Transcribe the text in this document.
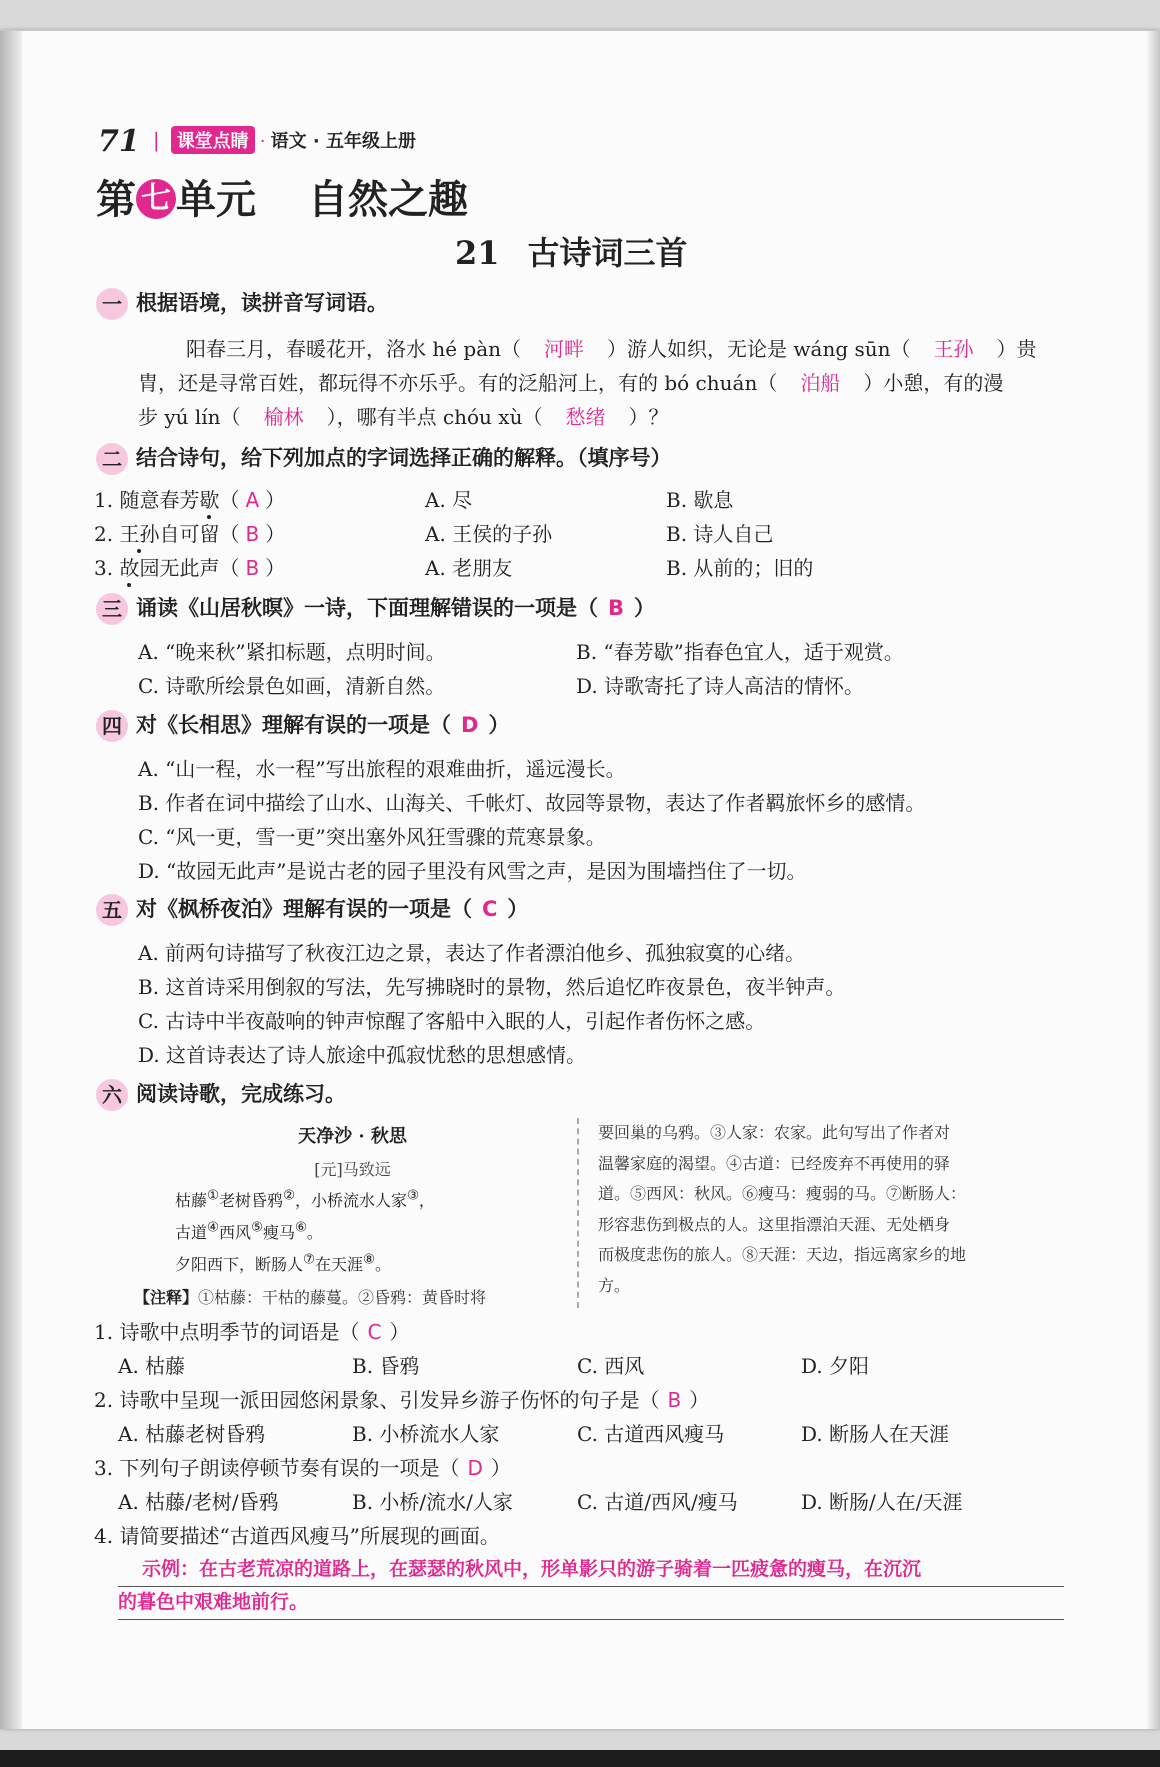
71 | 课堂点睛 · 语文 · 五年级上册
第 七 单元 自然之趣
21 古诗词三首
一 根据语境，读拼音写词语。
阳春三月，春暖花开，洛水 hé pàn（ 河畔 ）游人如织，无论是 wáng sūn（ 王孙 ）贵
胄，还是寻常百姓，都玩得不亦乐乎。有的泛船河上，有的 bó chuán（ 泊船 ）小憩，有的漫
步 yú lín（ 榆林 ），哪有半点 chóu xù（ 愁绪 ）？
二 结合诗句，给下列加点的字词选择正确的解释。（填序号）
1. 随意春芳歇（ A ）	A. 尽	B. 歇息
2. 王孙自可留（ B ）	A. 王侯的子孙	B. 诗人自己
3. 故园无此声（ B ）	A. 老朋友	B. 从前的；旧的
三 诵读《山居秋暝》一诗，下面理解错误的一项是（ B ）
A. “晚来秋”紧扣标题，点明时间。	B. “春芳歇”指春色宜人，适于观赏。
C. 诗歌所绘景色如画，清新自然。	D. 诗歌寄托了诗人高洁的情怀。
四 对《长相思》理解有误的一项是（ D ）
A. “山一程，水一程”写出旅程的艰难曲折，遥远漫长。
B. 作者在词中描绘了山水、山海关、千帐灯、故园等景物，表达了作者羁旅怀乡的感情。
C. “风一更，雪一更”突出塞外风狂雪骤的荒寒景象。
D. “故园无此声”是说古老的园子里没有风雪之声，是因为围墙挡住了一切。
五 对《枫桥夜泊》理解有误的一项是（ C ）
A. 前两句诗描写了秋夜江边之景，表达了作者漂泊他乡、孤独寂寞的心绪。
B. 这首诗采用倒叙的写法，先写拂晓时的景物，然后追忆昨夜景色，夜半钟声。
C. 古诗中半夜敲响的钟声惊醒了客船中入眠的人，引起作者伤怀之感。
D. 这首诗表达了诗人旅途中孤寂忧愁的思想感情。
六 阅读诗歌，完成练习。
天净沙 · 秋思
[元]马致远
枯藤①老树昏鸦②，小桥流水人家③，
古道④西风⑤瘦马⑥。
夕阳西下，断肠人⑦在天涯⑧。
【注释】①枯藤：干枯的藤蔓。②昏鸦：黄昏时将
要回巢的乌鸦。③人家：农家。此句写出了作者对
温馨家庭的渴望。④古道：已经废弃不再使用的驿
道。⑤西风：秋风。⑥瘦马：瘦弱的马。⑦断肠人：
形容悲伤到极点的人。这里指漂泊天涯、无处栖身
而极度悲伤的旅人。⑧天涯：天边，指远离家乡的地
方。
1. 诗歌中点明季节的词语是（ C ）
A. 枯藤	B. 昏鸦	C. 西风	D. 夕阳
2. 诗歌中呈现一派田园悠闲景象、引发异乡游子伤怀的句子是（ B ）
A. 枯藤老树昏鸦	B. 小桥流水人家	C. 古道西风瘦马	D. 断肠人在天涯
3. 下列句子朗读停顿节奏有误的一项是（ D ）
A. 枯藤/老树/昏鸦	B. 小桥/流水/人家	C. 古道/西风/瘦马	D. 断肠/人在/天涯
4. 请简要描述“古道西风瘦马”所展现的画面。
示例：在古老荒凉的道路上，在瑟瑟的秋风中，形单影只的游子骑着一匹疲惫的瘦马，在沉沉
的暮色中艰难地前行。
